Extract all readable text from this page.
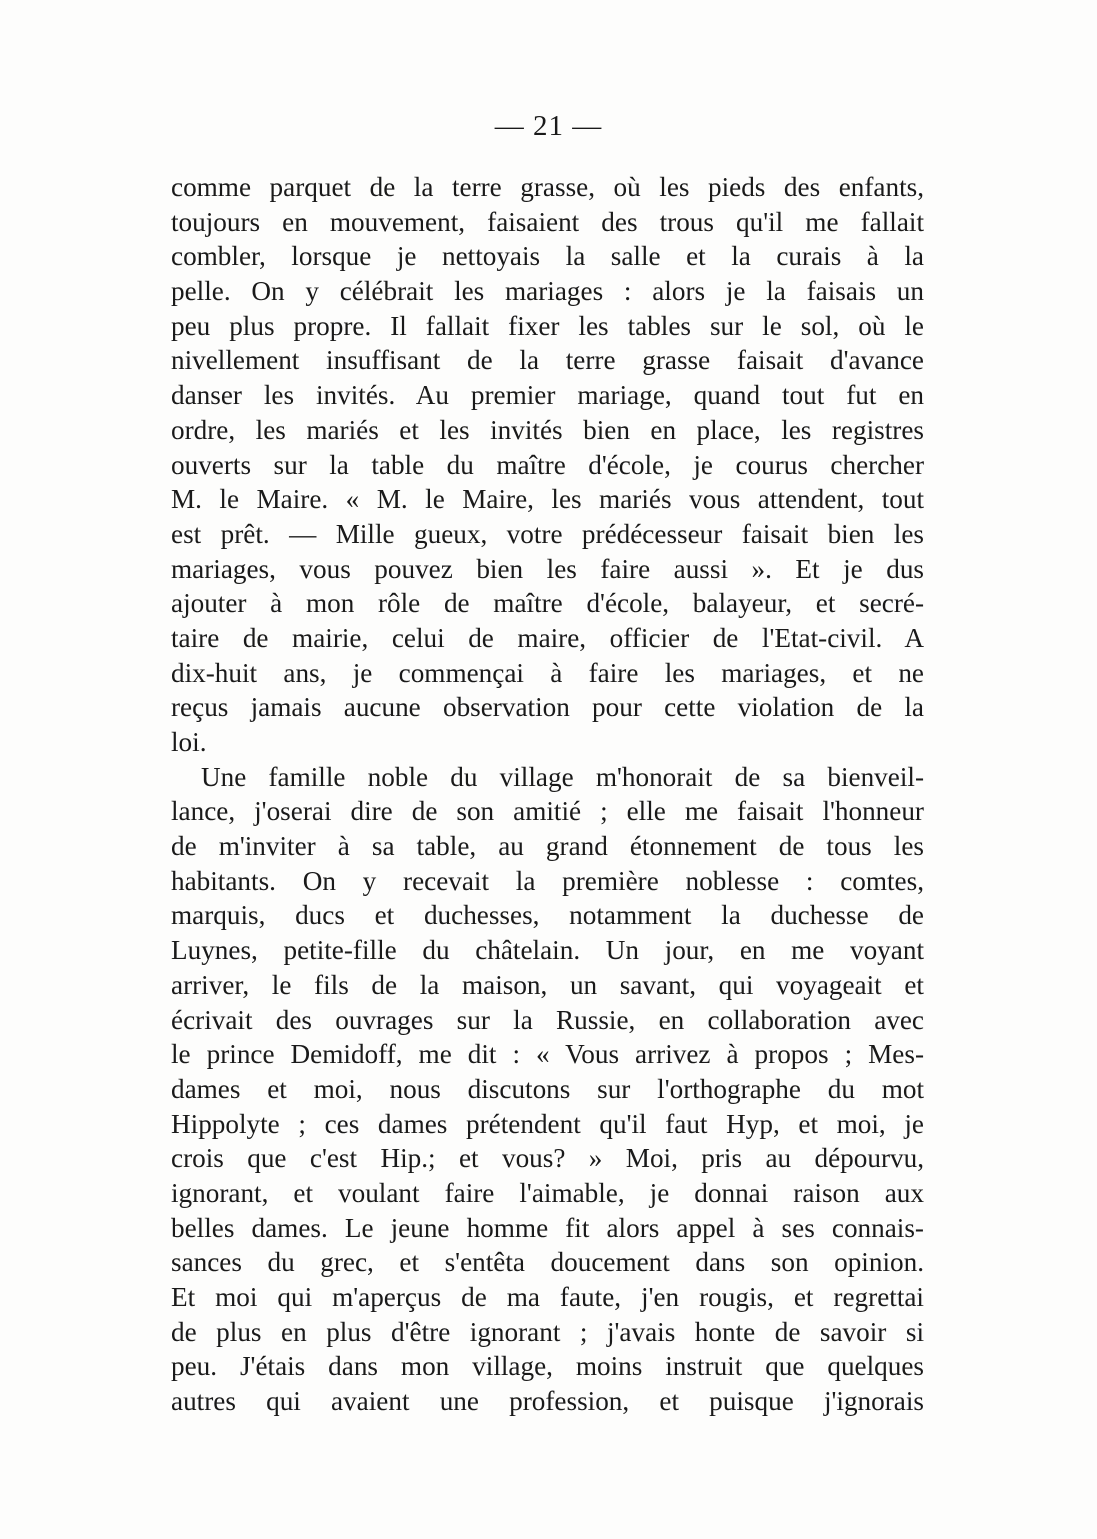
— 21 —
comme parquet de la terre grasse, où les pieds des enfants,
toujours en mouvement, faisaient des trous qu'il me fallait
combler, lorsque je nettoyais la salle et la curais à la
pelle. On y célébrait les mariages : alors je la faisais un
peu plus propre. Il fallait fixer les tables sur le sol, où le
nivellement insuffisant de la terre grasse faisait d'avance
danser les invités. Au premier mariage, quand tout fut en
ordre, les mariés et les invités bien en place, les registres
ouverts sur la table du maître d'école, je courus chercher
M. le Maire. « M. le Maire, les mariés vous attendent, tout
est prêt. — Mille gueux, votre prédécesseur faisait bien les
mariages, vous pouvez bien les faire aussi ». Et je dus
ajouter à mon rôle de maître d'école, balayeur, et secré-
taire de mairie, celui de maire, officier de l'Etat-civil. A
dix-huit ans, je commençai à faire les mariages, et ne
reçus jamais aucune observation pour cette violation de la
loi.
Une famille noble du village m'honorait de sa bienveil-
lance, j'oserai dire de son amitié ; elle me faisait l'honneur
de m'inviter à sa table, au grand étonnement de tous les
habitants. On y recevait la première noblesse : comtes,
marquis, ducs et duchesses, notamment la duchesse de
Luynes, petite-fille du châtelain. Un jour, en me voyant
arriver, le fils de la maison, un savant, qui voyageait et
écrivait des ouvrages sur la Russie, en collaboration avec
le prince Demidoff, me dit : « Vous arrivez à propos ; Mes-
dames et moi, nous discutons sur l'orthographe du mot
Hippolyte ; ces dames prétendent qu'il faut Hyp, et moi, je
crois que c'est Hip.; et vous? » Moi, pris au dépourvu,
ignorant, et voulant faire l'aimable, je donnai raison aux
belles dames. Le jeune homme fit alors appel à ses connais-
sances du grec, et s'entêta doucement dans son opinion.
Et moi qui m'aperçus de ma faute, j'en rougis, et regrettai
de plus en plus d'être ignorant ; j'avais honte de savoir si
peu. J'étais dans mon village, moins instruit que quelques
autres qui avaient une profession, et puisque j'ignorais
